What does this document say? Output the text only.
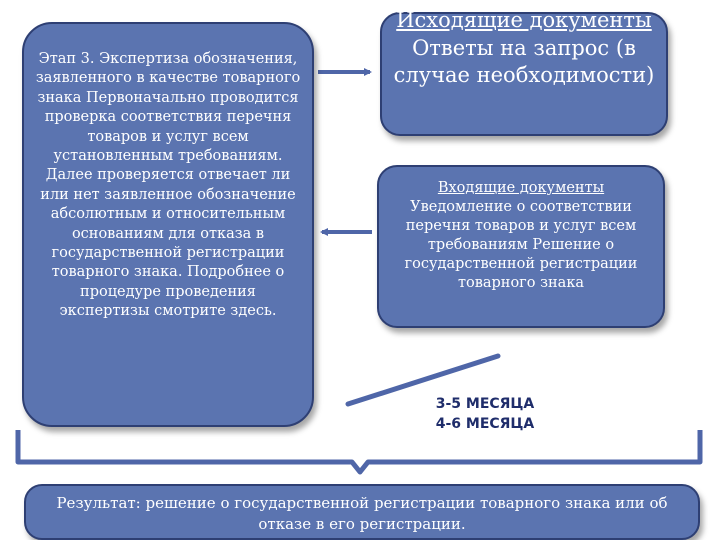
Этап 3. Экспертиза обозначения, заявленного в качестве товарного знака Первоначально проводится проверка соответствия перечня товаров и услуг всем установленным требованиям. Далее проверяется отвечает ли или нет заявленное обозначение абсолютным и относительным основаниям для отказа в государственной регистрации товарного знака. Подробнее о процедуре проведения экспертизы смотрите здесь.
Исходящие документы
Ответы на запрос (в случае необходимости)
Входящие документы
Уведомление о соответствии перечня товаров и услуг всем требованиям Решение о государственной регистрации товарного знака
3-5 МЕСЯЦА
4-6 МЕСЯЦА
Результат: решение о государственной регистрации товарного знака или об отказе в его регистрации.
